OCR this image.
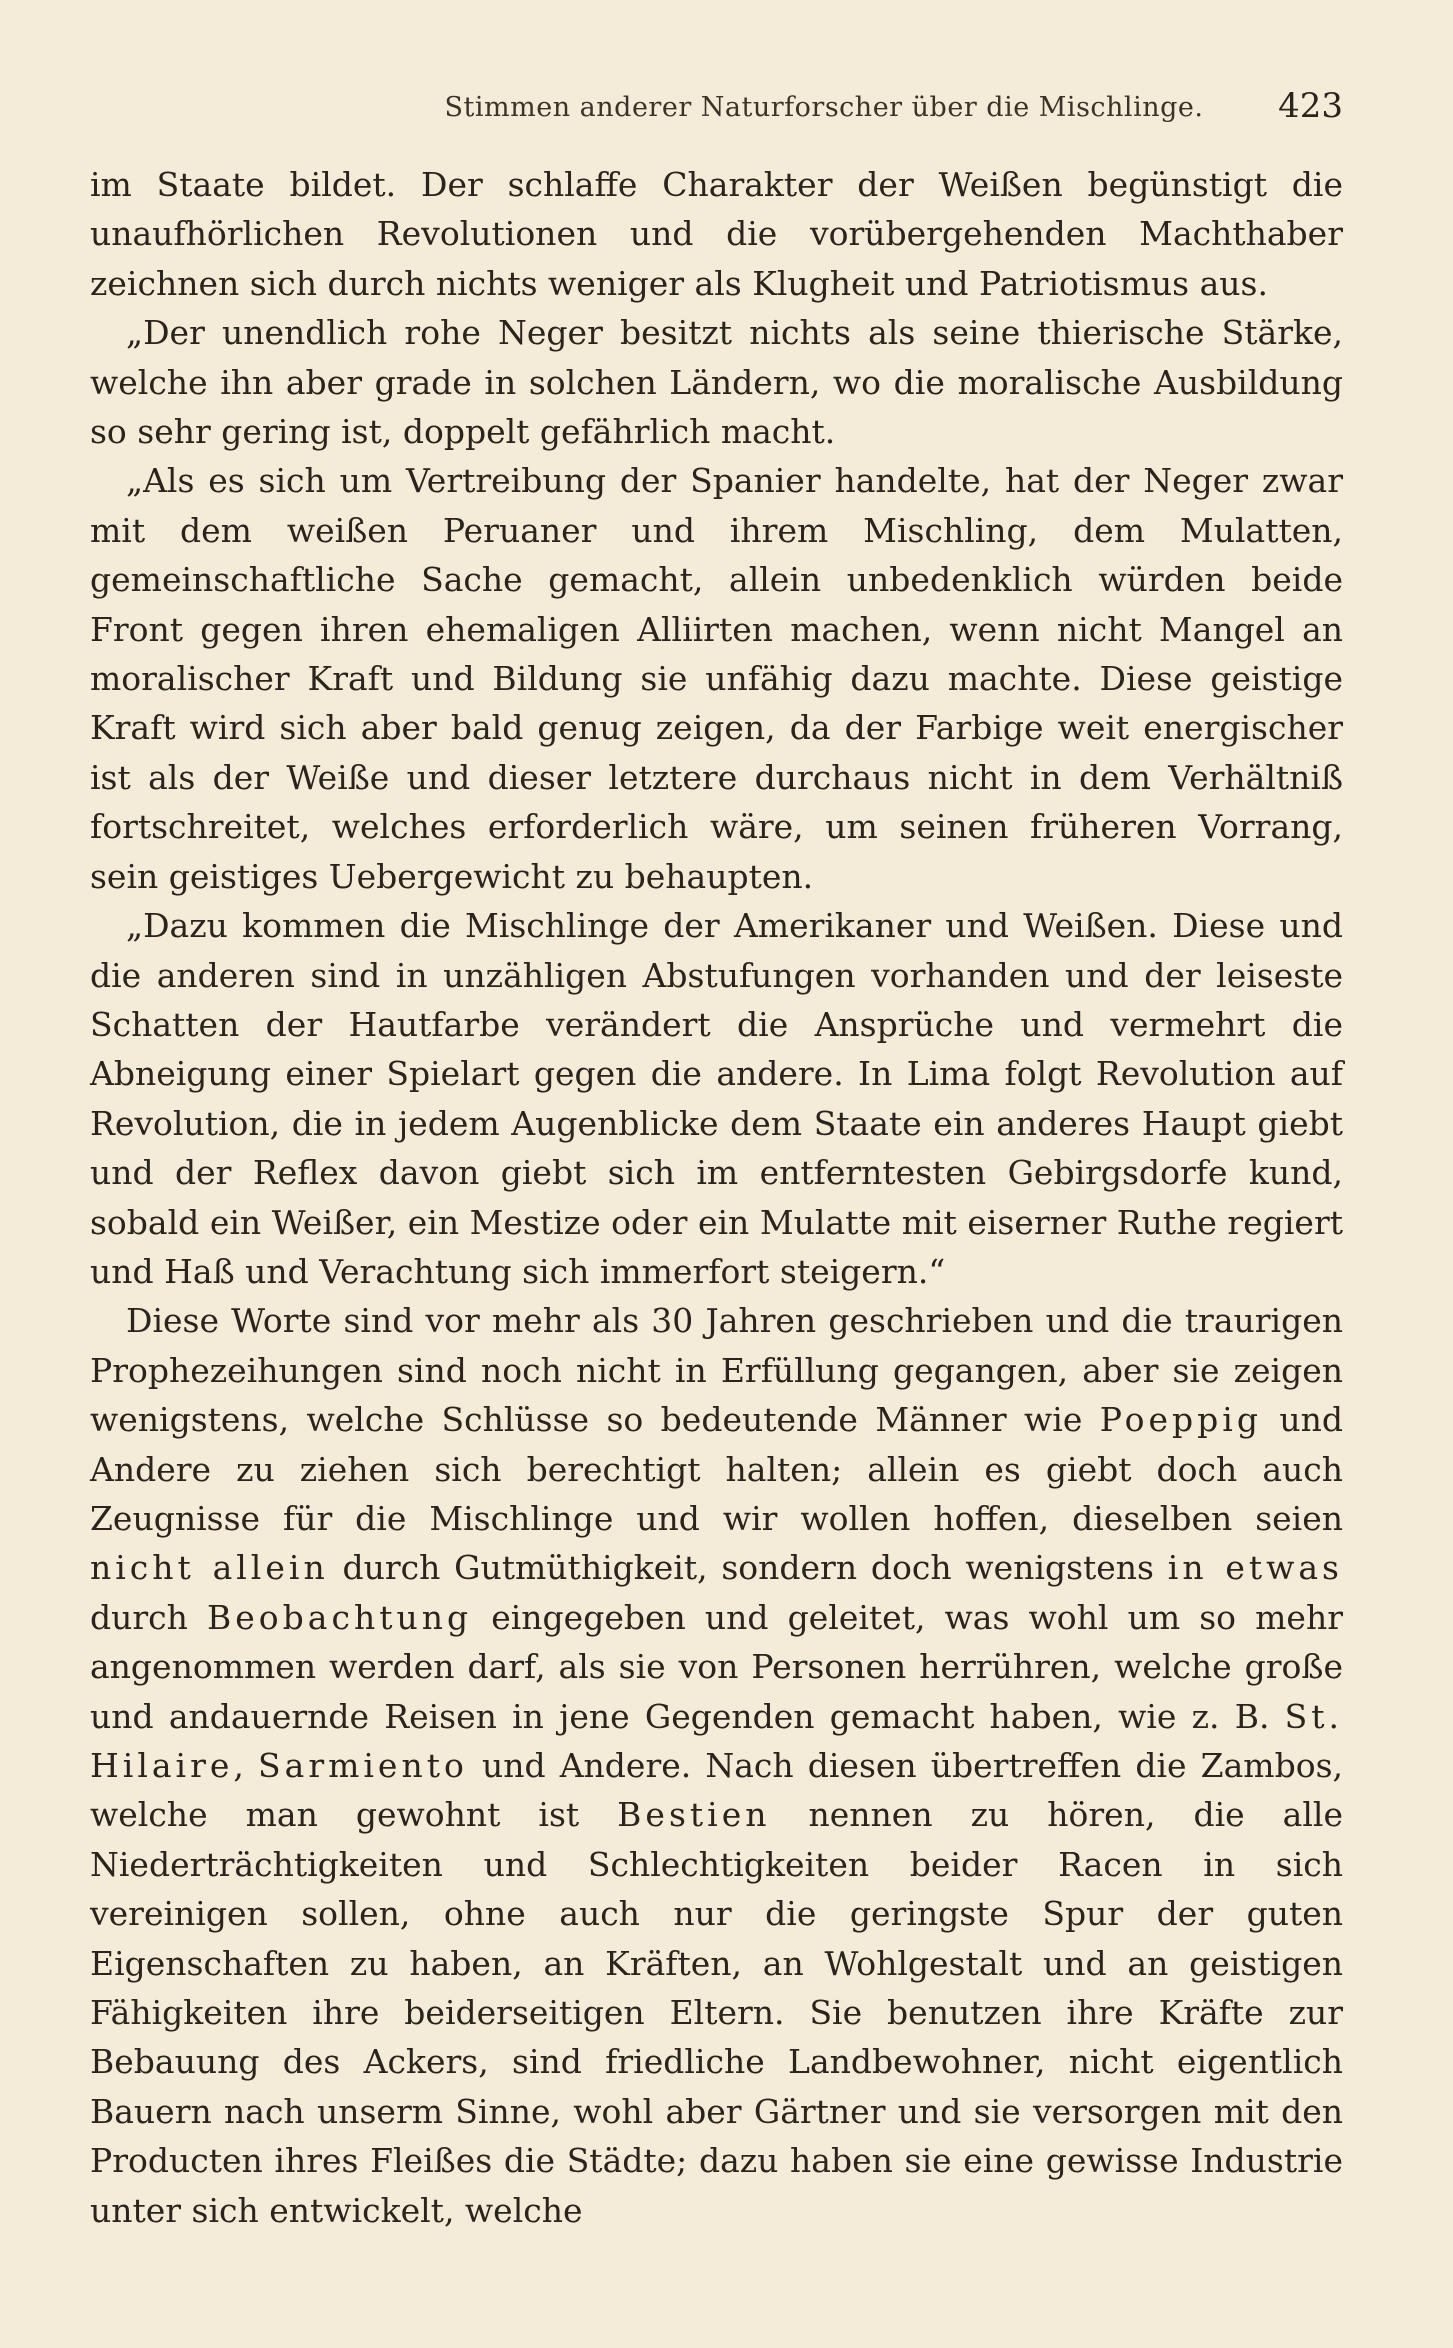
Stimmen anderer Naturforscher über die Mischlinge.	423

im Staate bildet. Der schlaffe Charakter der Weißen begünstigt die unaufhörlichen Revolutionen und die vorübergehenden Machthaber zeichnen sich durch nichts weniger als Klugheit und Patriotismus aus.

„Der unendlich rohe Neger besitzt nichts als seine thierische Stärke, welche ihn aber grade in solchen Ländern, wo die moralische Ausbildung so sehr gering ist, doppelt gefährlich macht.

„Als es sich um Vertreibung der Spanier handelte, hat der Neger zwar mit dem weißen Peruaner und ihrem Mischling, dem Mulatten, gemeinschaftliche Sache gemacht, allein unbedenklich würden beide Front gegen ihren ehemaligen Alliirten machen, wenn nicht Mangel an moralischer Kraft und Bildung sie unfähig dazu machte. Diese geistige Kraft wird sich aber bald genug zeigen, da der Farbige weit energischer ist als der Weiße und dieser letztere durchaus nicht in dem Verhältniß fortschreitet, welches erforderlich wäre, um seinen früheren Vorrang, sein geistiges Uebergewicht zu behaupten.

„Dazu kommen die Mischlinge der Amerikaner und Weißen. Diese und die anderen sind in unzähligen Abstufungen vorhanden und der leiseste Schatten der Hautfarbe verändert die Ansprüche und vermehrt die Abneigung einer Spielart gegen die andere. In Lima folgt Revolution auf Revolution, die in jedem Augenblicke dem Staate ein anderes Haupt giebt und der Reflex davon giebt sich im entferntesten Gebirgsdorfe kund, sobald ein Weißer, ein Mestize oder ein Mulatte mit eiserner Ruthe regiert und Haß und Verachtung sich immerfort steigern.“

Diese Worte sind vor mehr als 30 Jahren geschrieben und die traurigen Prophezeihungen sind noch nicht in Erfüllung gegangen, aber sie zeigen wenigstens, welche Schlüsse so bedeutende Männer wie Poeppig und Andere zu ziehen sich berechtigt halten; allein es giebt doch auch Zeugnisse für die Mischlinge und wir wollen hoffen, dieselben seien nicht allein durch Gutmüthigkeit, sondern doch wenigstens in etwas durch Beobachtung eingegeben und geleitet, was wohl um so mehr angenommen werden darf, als sie von Personen herrühren, welche große und andauernde Reisen in jene Gegenden gemacht haben, wie z. B. St. Hilaire, Sarmiento und Andere. Nach diesen übertreffen die Zambos, welche man gewohnt ist Bestien nennen zu hören, die alle Niederträchtigkeiten und Schlechtigkeiten beider Racen in sich vereinigen sollen, ohne auch nur die geringste Spur der guten Eigenschaften zu haben, an Kräften, an Wohlgestalt und an geistigen Fähigkeiten ihre beiderseitigen Eltern. Sie benutzen ihre Kräfte zur Bebauung des Ackers, sind friedliche Landbewohner, nicht eigentlich Bauern nach unserm Sinne, wohl aber Gärtner und sie versorgen mit den Producten ihres Fleißes die Städte; dazu haben sie eine gewisse Industrie unter sich entwickelt, welche
